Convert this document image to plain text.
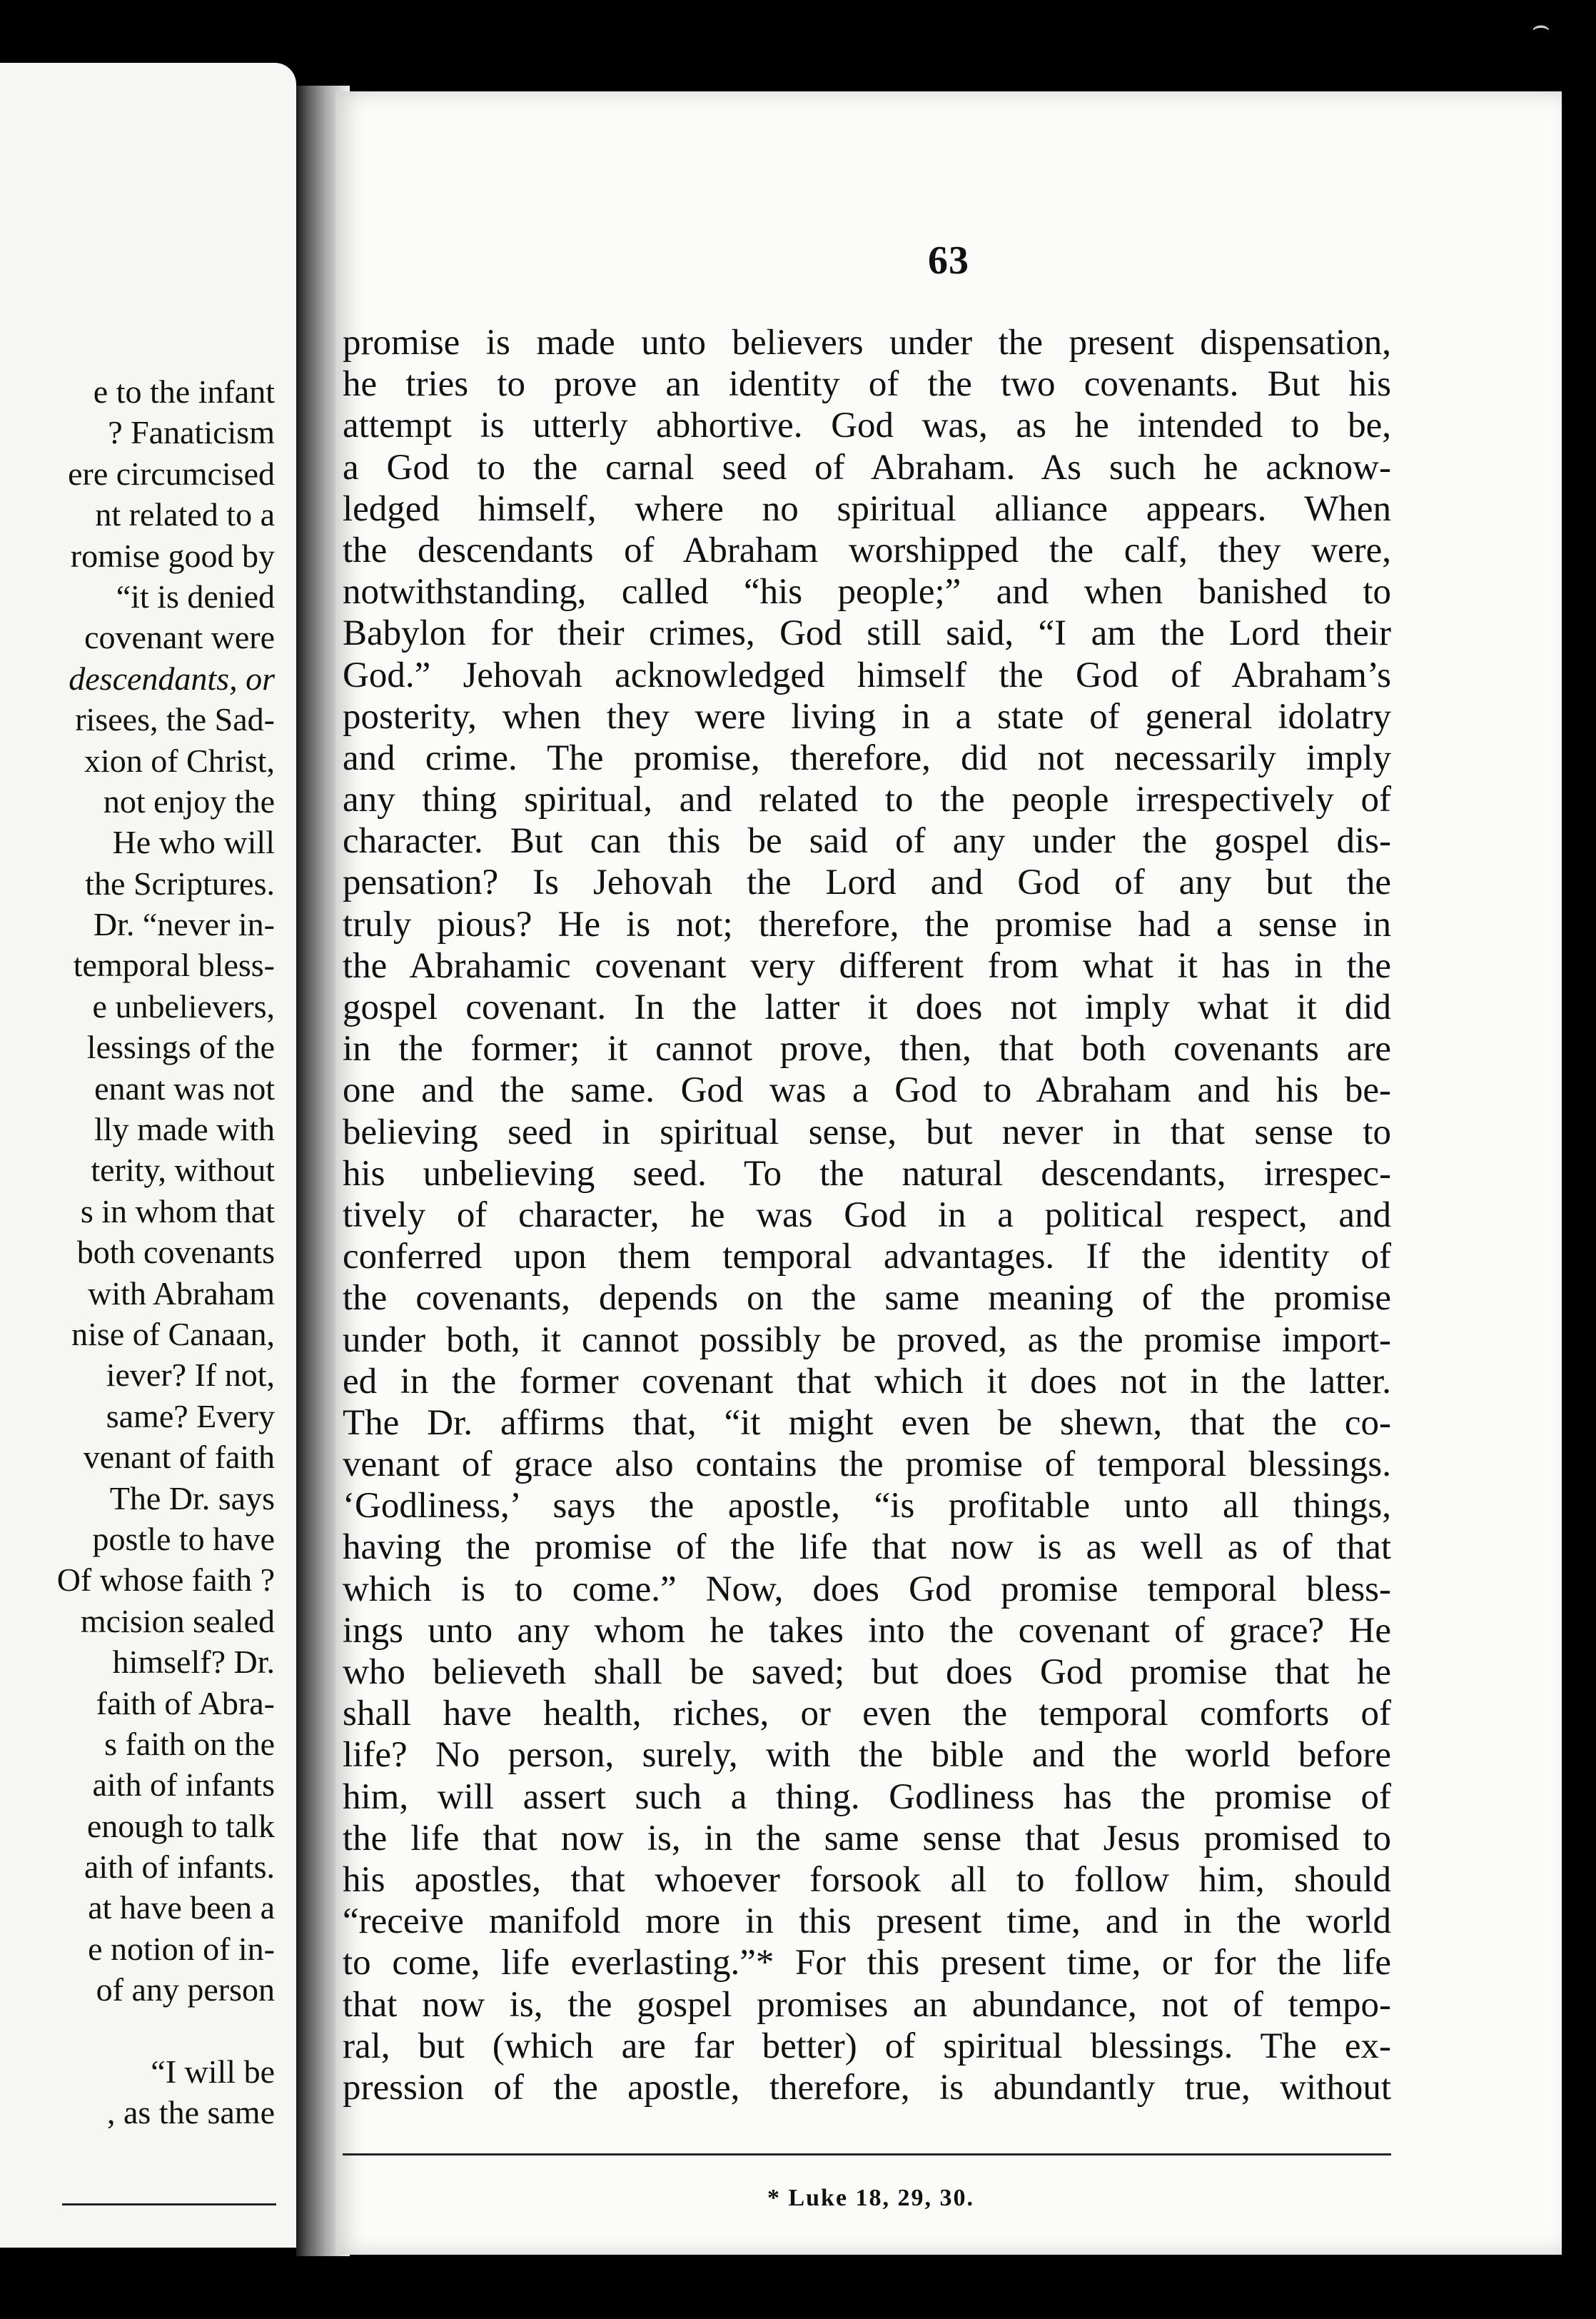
e to the infant
? Fanaticism
ere circumcised
nt related to a
romise good by
“it is denied
covenant were
descendants, or
risees, the Sad-
xion of Christ,
not enjoy the
He who will
the Scriptures.
Dr. “never in-
temporal bless-
e unbelievers,
lessings of the
enant was not
lly made with
terity, without
s in whom that
both covenants
with Abraham
nise of Canaan,
iever? If not,
same? Every
venant of faith
The Dr. says
postle to have
Of whose faith ?
mcision sealed
himself? Dr.
faith of Abra-
s faith on the
aith of infants
enough to talk
aith of infants.
at have been a
e notion of in-
of any person
“I will be
, as the same
63
promise is made unto believers under the present dispensation,
he tries to prove an identity of the two covenants. But his
attempt is utterly abhortive. God was, as he intended to be,
a God to the carnal seed of Abraham. As such he acknow-
ledged himself, where no spiritual alliance appears. When
the descendants of Abraham worshipped the calf, they were,
notwithstanding, called “his people;” and when banished to
Babylon for their crimes, God still said, “I am the Lord their
God.” Jehovah acknowledged himself the God of Abraham’s
posterity, when they were living in a state of general idolatry
and crime. The promise, therefore, did not necessarily imply
any thing spiritual, and related to the people irrespectively of
character. But can this be said of any under the gospel dis-
pensation? Is Jehovah the Lord and God of any but the
truly pious? He is not; therefore, the promise had a sense in
the Abrahamic covenant very different from what it has in the
gospel covenant. In the latter it does not imply what it did
in the former; it cannot prove, then, that both covenants are
one and the same. God was a God to Abraham and his be-
believing seed in spiritual sense, but never in that sense to
his unbelieving seed. To the natural descendants, irrespec-
tively of character, he was God in a political respect, and
conferred upon them temporal advantages. If the identity of
the covenants, depends on the same meaning of the promise
under both, it cannot possibly be proved, as the promise import-
ed in the former covenant that which it does not in the latter.
The Dr. affirms that, “it might even be shewn, that the co-
venant of grace also contains the promise of temporal blessings.
‘Godliness,’ says the apostle, “is profitable unto all things,
having the promise of the life that now is as well as of that
which is to come.” Now, does God promise temporal bless-
ings unto any whom he takes into the covenant of grace? He
who believeth shall be saved; but does God promise that he
shall have health, riches, or even the temporal comforts of
life? No person, surely, with the bible and the world before
him, will assert such a thing. Godliness has the promise of
the life that now is, in the same sense that Jesus promised to
his apostles, that whoever forsook all to follow him, should
“receive manifold more in this present time, and in the world
to come, life everlasting.”* For this present time, or for the life
that now is, the gospel promises an abundance, not of tempo-
ral, but (which are far better) of spiritual blessings. The ex-
pression of the apostle, therefore, is abundantly true, without
* Luke 18, 29, 30.
⌢
